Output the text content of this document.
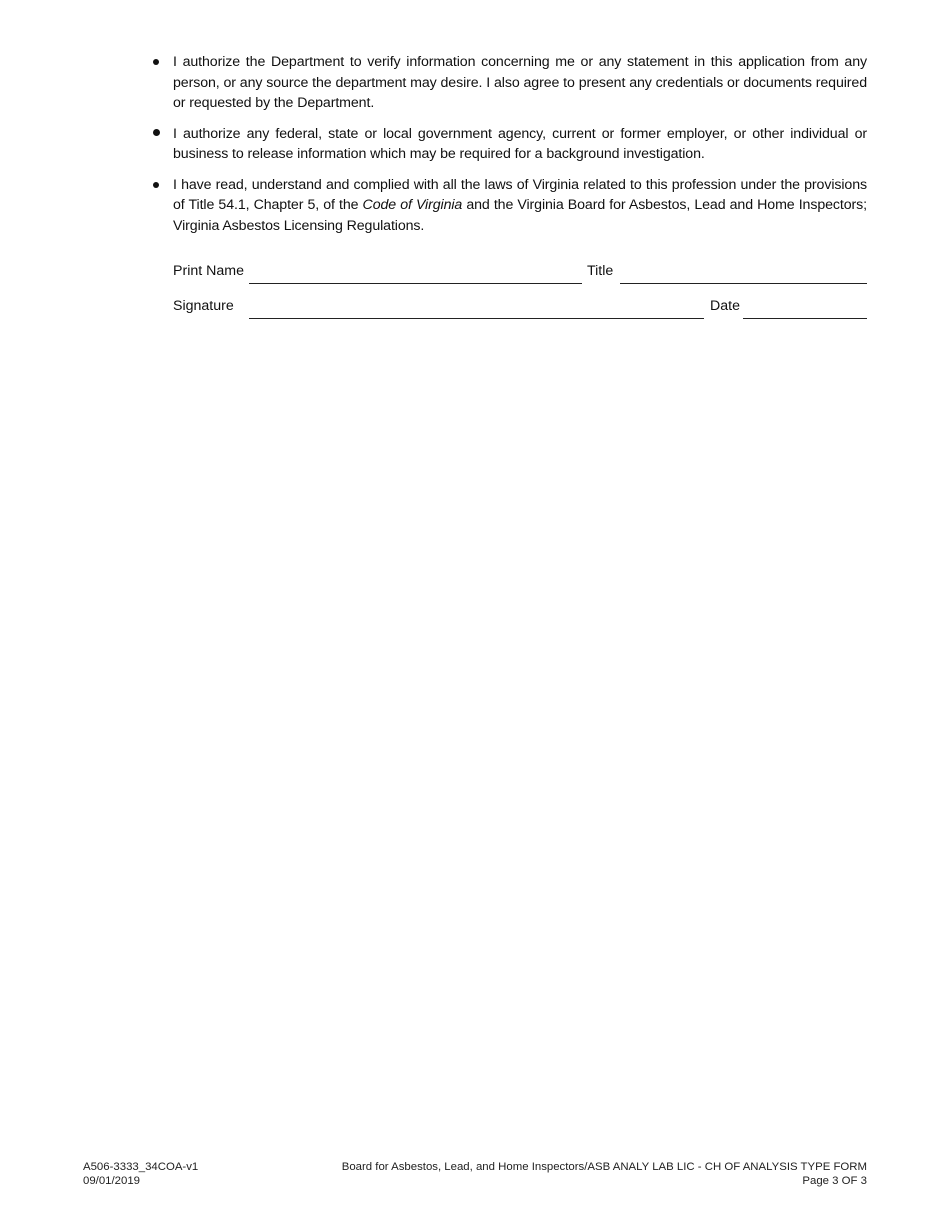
I authorize the Department to verify information concerning me or any statement in this application from any person, or any source the department may desire. I also agree to present any credentials or documents required or requested by the Department.
I authorize any federal, state or local government agency, current or former employer, or other individual or business to release information which may be required for a background investigation.
I have read, understand and complied with all the laws of Virginia related to this profession under the provisions of Title 54.1, Chapter 5, of the Code of Virginia and the Virginia Board for Asbestos, Lead and Home Inspectors; Virginia Asbestos Licensing Regulations.
Print Name	Title
Signature	Date
A506-3333_34COA-v1
09/01/2019
Board for Asbestos, Lead, and Home Inspectors/ASB ANALY LAB LIC - CH OF ANALYSIS TYPE FORM
Page 3 OF 3
